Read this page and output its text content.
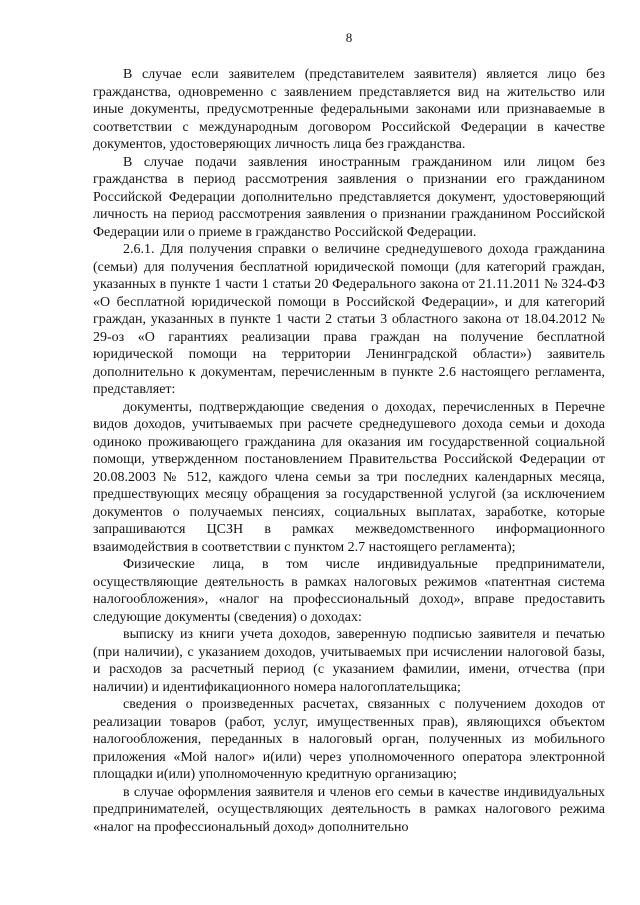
8

В случае если заявителем (представителем заявителя) является лицо без гражданства, одновременно с заявлением представляется вид на жительство или иные документы, предусмотренные федеральными законами или признаваемые в соответствии с международным договором Российской Федерации в качестве документов, удостоверяющих личность лица без гражданства.

В случае подачи заявления иностранным гражданином или лицом без гражданства в период рассмотрения заявления о признании его гражданином Российской Федерации дополнительно представляется документ, удостоверяющий личность на период рассмотрения заявления о признании гражданином Российской Федерации или о приеме в гражданство Российской Федерации.

2.6.1. Для получения справки о величине среднедушевого дохода гражданина (семьи) для получения бесплатной юридической помощи (для категорий граждан, указанных в пункте 1 части 1 статьи 20 Федерального закона от 21.11.2011 № 324-ФЗ «О бесплатной юридической помощи в Российской Федерации», и для категорий граждан, указанных в пункте 1 части 2 статьи 3 областного закона от 18.04.2012 № 29-оз «О гарантиях реализации права граждан на получение бесплатной юридической помощи на территории Ленинградской области») заявитель дополнительно к документам, перечисленным в пункте 2.6 настоящего регламента, представляет:

документы, подтверждающие сведения о доходах, перечисленных в Перечне видов доходов, учитываемых при расчете среднедушевого дохода семьи и дохода одиноко проживающего гражданина для оказания им государственной социальной помощи, утвержденном постановлением Правительства Российской Федерации от 20.08.2003 № 512, каждого члена семьи за три последних календарных месяца, предшествующих месяцу обращения за государственной услугой (за исключением документов о получаемых пенсиях, социальных выплатах, заработке, которые запрашиваются ЦСЗН в рамках межведомственного информационного взаимодействия в соответствии с пунктом 2.7 настоящего регламента);

Физические лица, в том числе индивидуальные предприниматели, осуществляющие деятельность в рамках налоговых режимов «патентная система налогообложения», «налог на профессиональный доход», вправе предоставить следующие документы (сведения) о доходах:

выписку из книги учета доходов, заверенную подписью заявителя и печатью (при наличии), с указанием доходов, учитываемых при исчислении налоговой базы, и расходов за расчетный период (с указанием фамилии, имени, отчества (при наличии) и идентификационного номера налогоплательщика;

сведения о произведенных расчетах, связанных с получением доходов от реализации товаров (работ, услуг, имущественных прав), являющихся объектом налогообложения, переданных в налоговый орган, полученных из мобильного приложения «Мой налог» и(или) через уполномоченного оператора электронной площадки и(или) уполномоченную кредитную организацию;

в случае оформления заявителя и членов его семьи в качестве индивидуальных предпринимателей, осуществляющих деятельность в рамках налогового режима «налог на профессиональный доход» дополнительно
